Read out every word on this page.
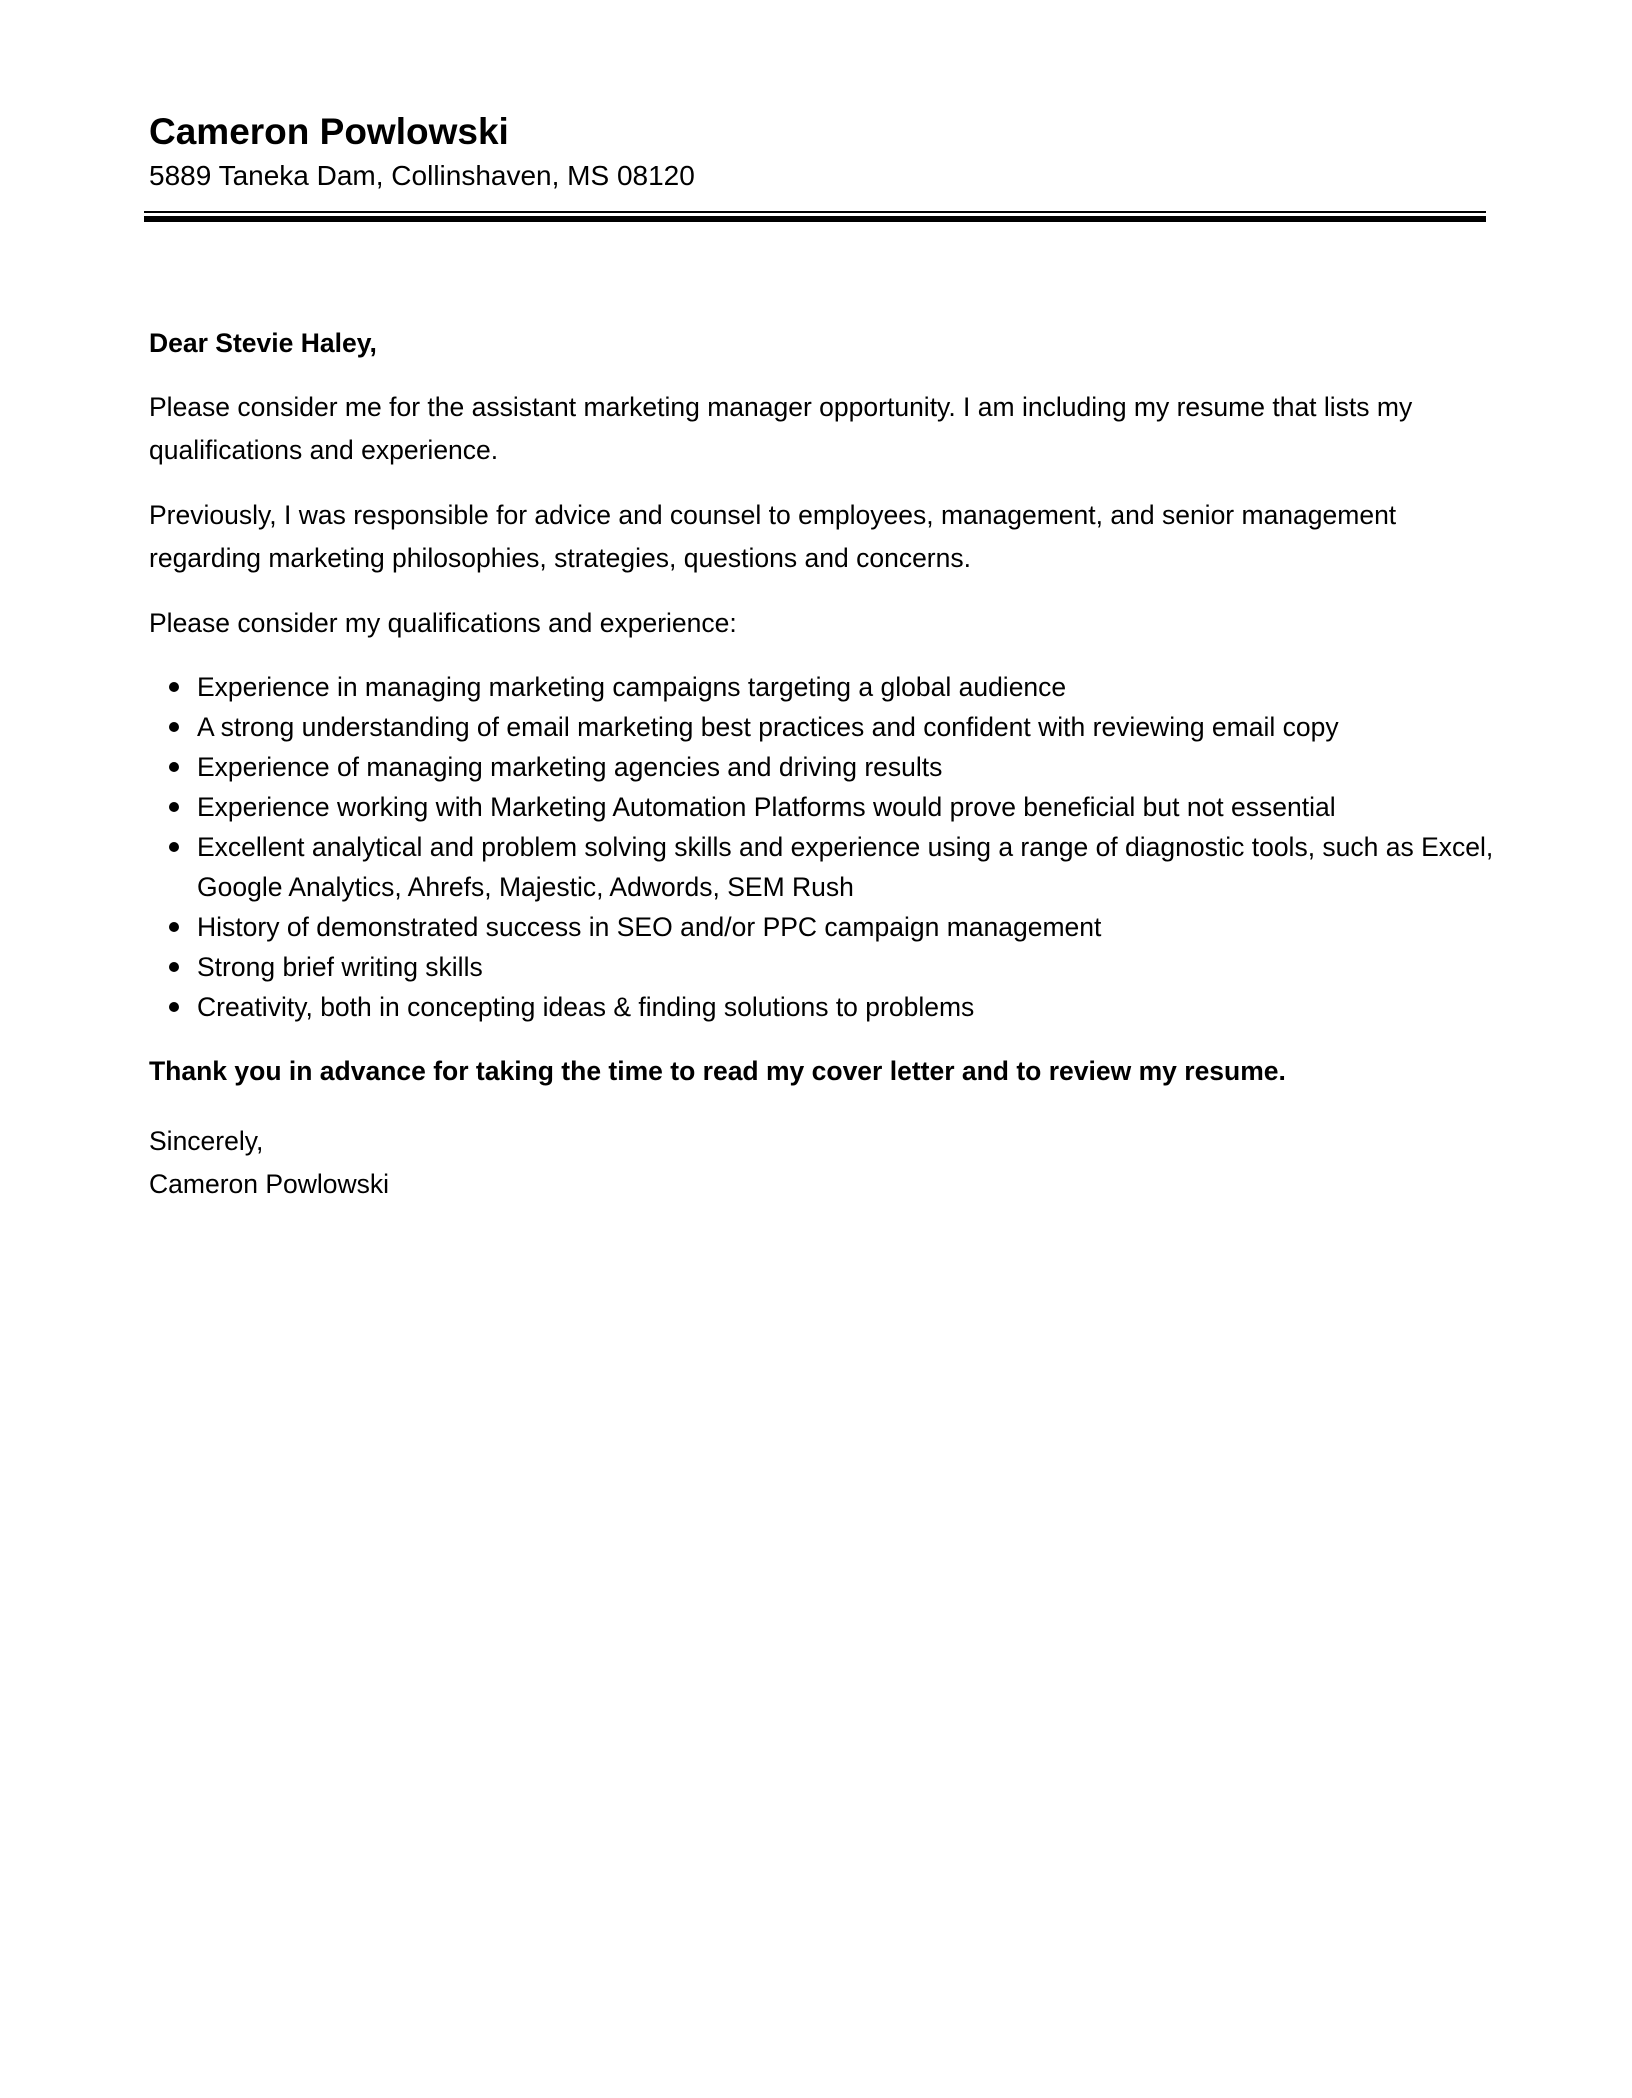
Cameron Powlowski

5889 Taneka Dam, Collinshaven, MS 08120

Dear Stevie Haley,

Please consider me for the assistant marketing manager opportunity. I am including my resume that lists my qualifications and experience.

Previously, I was responsible for advice and counsel to employees, management, and senior management regarding marketing philosophies, strategies, questions and concerns.

Please consider my qualifications and experience:

Experience in managing marketing campaigns targeting a global audience
A strong understanding of email marketing best practices and confident with reviewing email copy
Experience of managing marketing agencies and driving results
Experience working with Marketing Automation Platforms would prove beneficial but not essential
Excellent analytical and problem solving skills and experience using a range of diagnostic tools, such as Excel, Google Analytics, Ahrefs, Majestic, Adwords, SEM Rush
History of demonstrated success in SEO and/or PPC campaign management
Strong brief writing skills
Creativity, both in concepting ideas & finding solutions to problems

Thank you in advance for taking the time to read my cover letter and to review my resume.

Sincerely,

Cameron Powlowski
